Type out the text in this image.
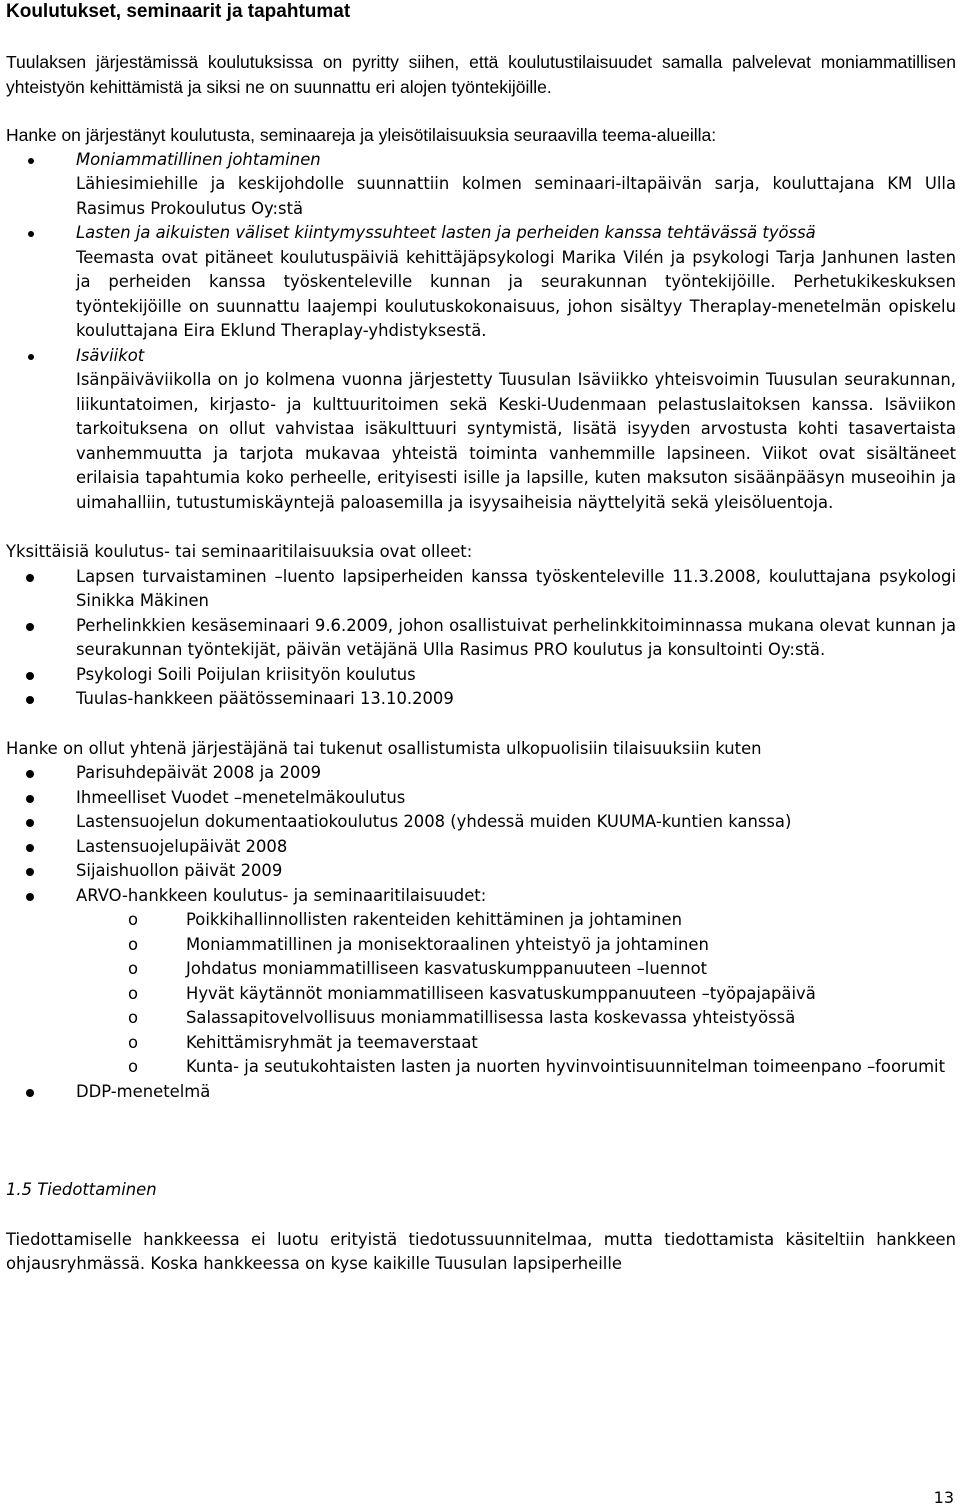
Koulutukset, seminaarit ja tapahtumat

Tuulaksen järjestämissä koulutuksissa on pyritty siihen, että koulutustilaisuudet samalla palvelevat moniammatillisen yhteistyön kehittämistä ja siksi ne on suunnattu eri alojen työntekijöille.

Hanke on järjestänyt koulutusta, seminaareja ja yleisötilaisuuksia seuraavilla teema-alueilla:

Moniammatillinen johtaminen
Lähiesimiehille ja keskijohdolle suunnattiin kolmen seminaari-iltapäivän sarja, kouluttajana KM Ulla Rasimus Prokoulutus Oy:stä
Lasten ja aikuisten väliset kiintymyssuhteet lasten ja perheiden kanssa tehtävässä työssä
Teemasta ovat pitäneet koulutuspäiviä kehittäjäpsykologi Marika Vilén ja psykologi Tarja Janhunen lasten ja perheiden kanssa työskenteleville kunnan ja seurakunnan työntekijöille. Perhetukikeskuksen työntekijöille on suunnattu laajempi koulutuskokonaisuus, johon sisältyy Theraplay-menetelmän opiskelu kouluttajana Eira Eklund Theraplay-yhdistyksestä.
Isäviikot
Isänpäiväviikolla on jo kolmena vuonna järjestetty Tuusulan Isäviikko yhteisvoimin Tuusulan seurakunnan, liikuntatoimen, kirjasto- ja kulttuuritoimen sekä Keski-Uudenmaan pelastuslaitoksen kanssa. Isäviikon tarkoituksena on ollut vahvistaa isäkulttuuri syntymistä, lisätä isyyden arvostusta kohti tasavertaista vanhemmuutta ja tarjota mukavaa yhteistä toiminta vanhemmille lapsineen. Viikot ovat sisältäneet erilaisia tapahtumia koko perheelle, erityisesti isille ja lapsille, kuten maksuton sisäänpääsyn museoihin ja uimahalliin, tutustumiskäyntejä paloasemilla ja isyysaiheisia näyttelyitä sekä yleisöluentoja.

Yksittäisiä koulutus- tai seminaaritilaisuuksia ovat olleet:

Lapsen turvaistaminen –luento lapsiperheiden kanssa työskenteleville 11.3.2008, kouluttajana psykologi Sinikka Mäkinen
Perhelinkkien kesäseminaari 9.6.2009, johon osallistuivat perhelinkkitoiminnassa mukana olevat kunnan ja seurakunnan työntekijät, päivän vetäjänä Ulla Rasimus PRO koulutus ja konsultointi Oy:stä.
Psykologi Soili Poijulan kriisityön koulutus
Tuulas-hankkeen päätösseminaari 13.10.2009

Hanke on ollut yhtenä järjestäjänä tai tukenut osallistumista ulkopuolisiin tilaisuuksiin kuten

Parisuhdepäivät 2008 ja 2009
Ihmeelliset Vuodet –menetelmäkoulutus
Lastensuojelun dokumentaatiokoulutus 2008 (yhdessä muiden KUUMA-kuntien kanssa)
Lastensuojelupäivät 2008
Sijaishuollon päivät 2009
ARVO-hankkeen koulutus- ja seminaaritilaisuudet:
o Poikkihallinnollisten rakenteiden kehittäminen ja johtaminen
o Moniammatillinen ja monisektoraalinen yhteistyö ja johtaminen
o Johdatus moniammatilliseen kasvatuskumppanuuteen –luennot
o Hyvät käytännöt moniammatilliseen kasvatuskumppanuuteen –työpajapäivä
o Salassapitovelvollisuus moniammatillisessa lasta koskevassa yhteistyössä
o Kehittämisryhmät ja teemaverstaat
o Kunta- ja seutukohtaisten lasten ja nuorten hyvinvointisuunnitelman toimeenpano –foorumit
DDP-menetelmä

1.5 Tiedottaminen

Tiedottamiselle hankkeessa ei luotu erityistä tiedotussuunnitelmaa, mutta tiedottamista käsiteltiin hankkeen ohjausryhmässä. Koska hankkeessa on kyse kaikille Tuusulan lapsiperheille

13
